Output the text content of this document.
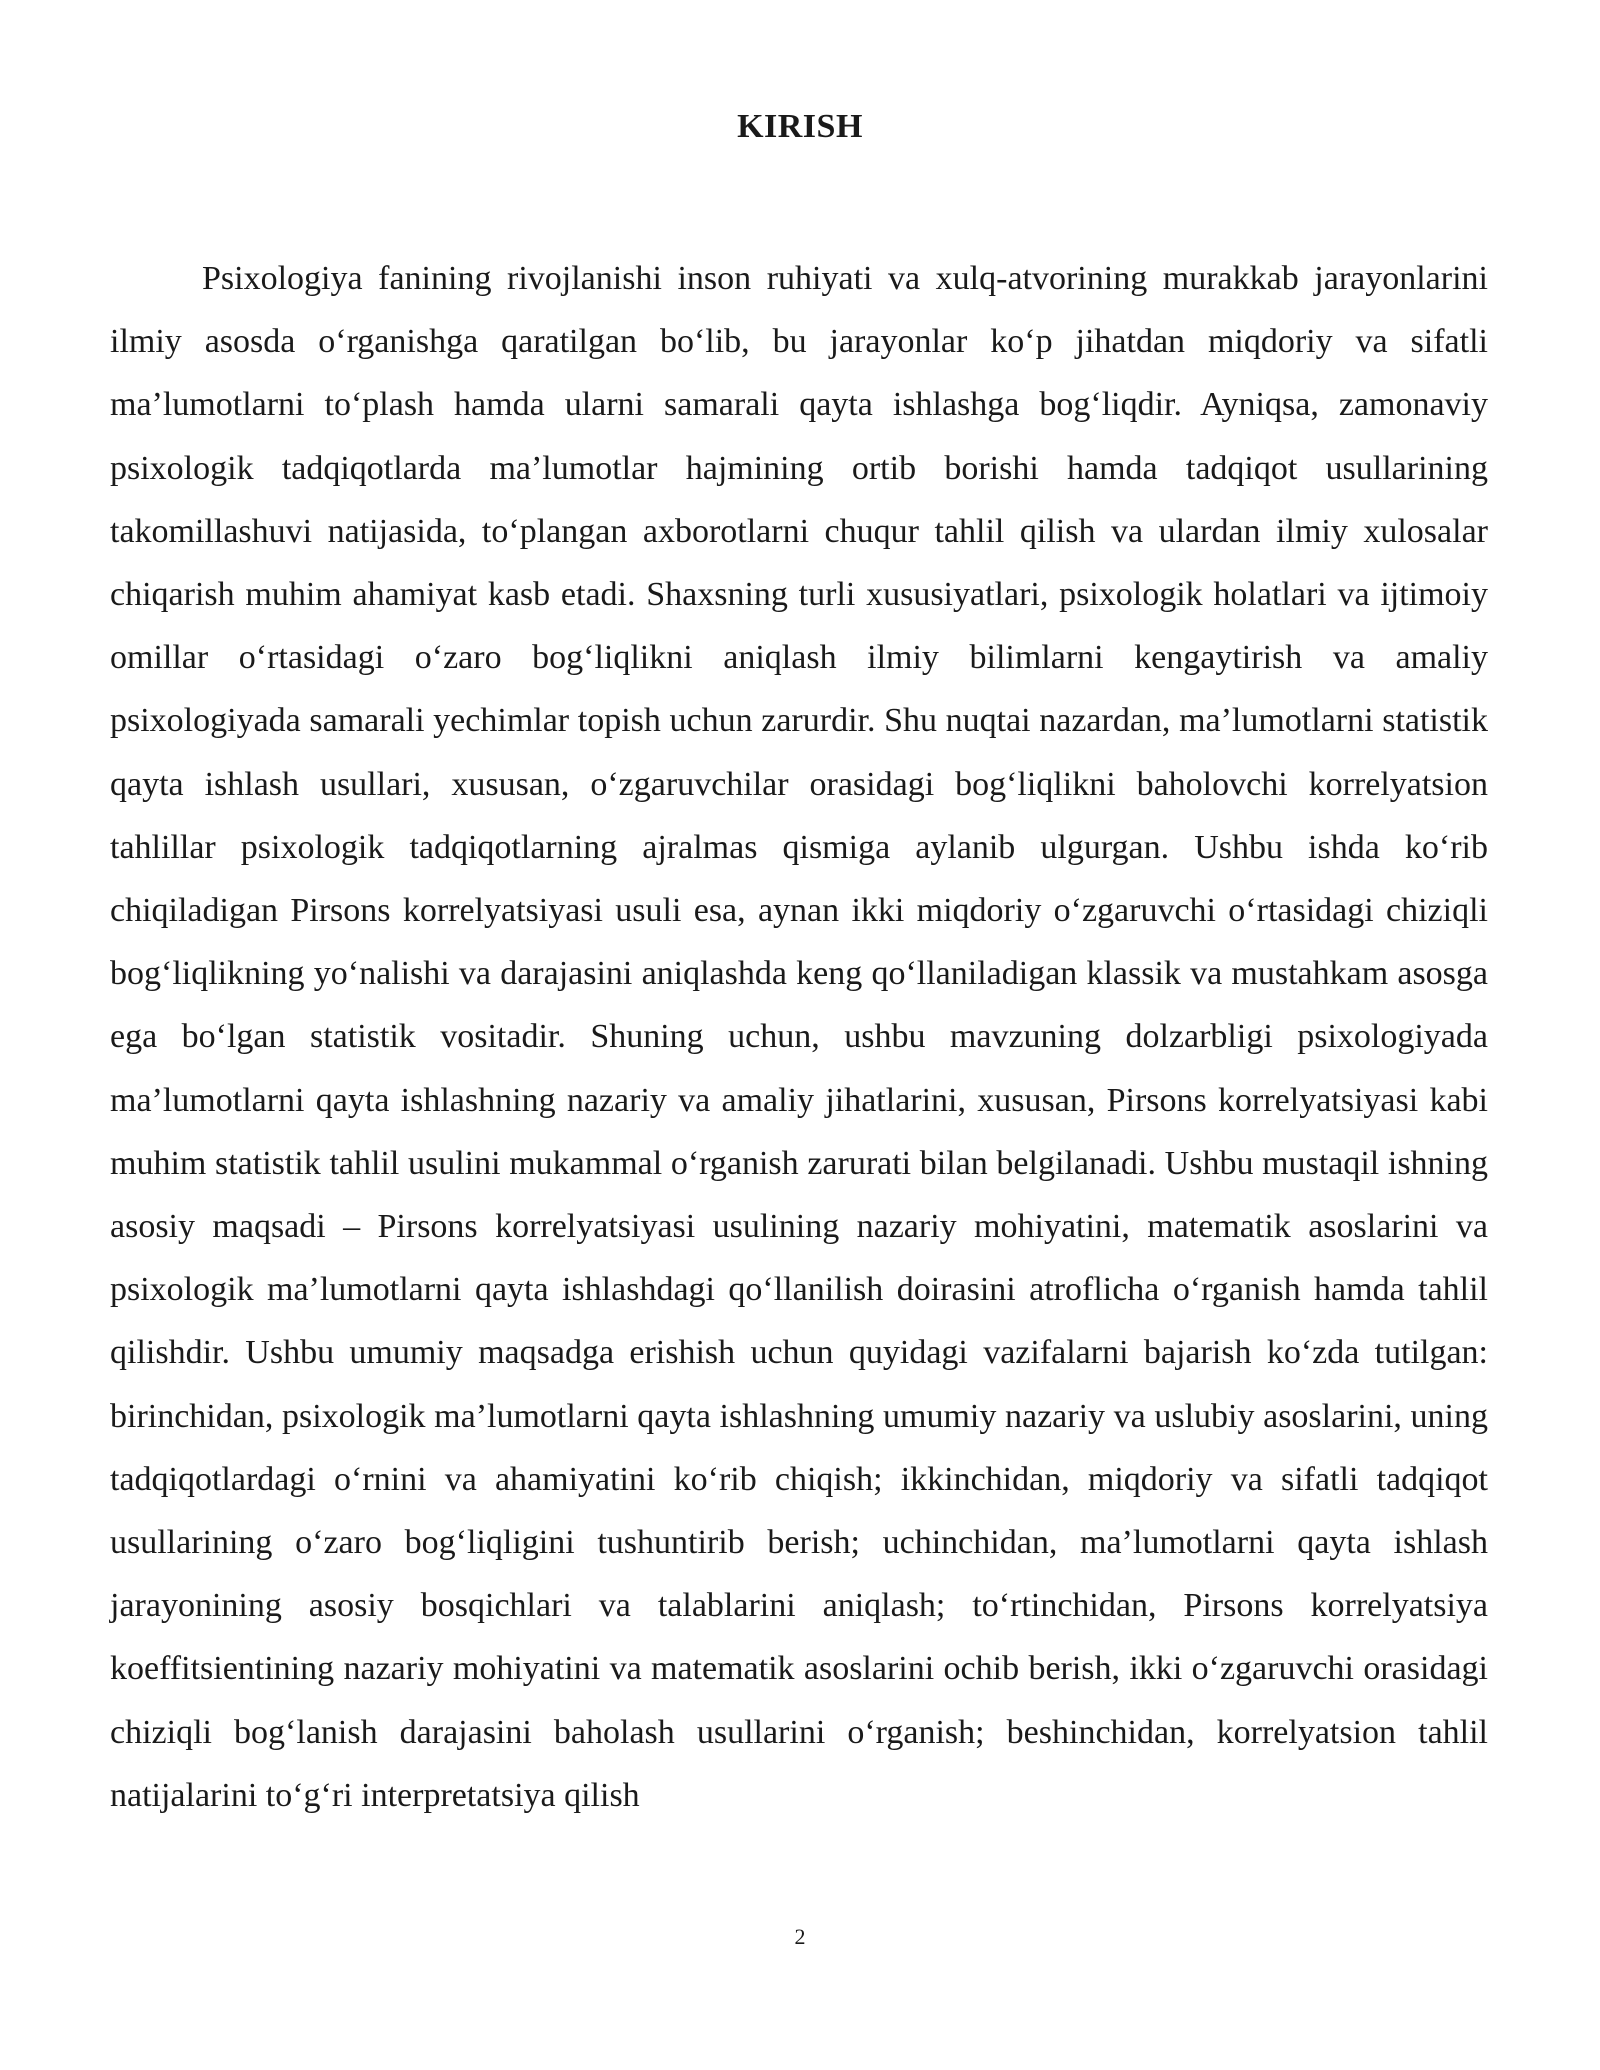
KIRISH

Psixologiya fanining rivojlanishi inson ruhiyati va xulq-atvorining murakkab jarayonlarini ilmiy asosda o‘rganishga qaratilgan bo‘lib, bu jarayonlar ko‘p jihatdan miqdoriy va sifatli ma’lumotlarni to‘plash hamda ularni samarali qayta ishlashga bog‘liqdir. Ayniqsa, zamonaviy psixologik tadqiqotlarda ma’lumotlar hajmining ortib borishi hamda tadqiqot usullarining takomillashuvi natijasida, to‘plangan axborotlarni chuqur tahlil qilish va ulardan ilmiy xulosalar chiqarish muhim ahamiyat kasb etadi. Shaxsning turli xususiyatlari, psixologik holatlari va ijtimoiy omillar o‘rtasidagi o‘zaro bog‘liqlikni aniqlash ilmiy bilimlarni kengaytirish va amaliy psixologiyada samarali yechimlar topish uchun zarurdir. Shu nuqtai nazardan, ma’lumotlarni statistik qayta ishlash usullari, xususan, o‘zgaruvchilar orasidagi bog‘liqlikni baholovchi korrelyatsion tahlillar psixologik tadqiqotlarning ajralmas qismiga aylanib ulgurgan. Ushbu ishda ko‘rib chiqiladigan Pirsons korrelyatsiyasi usuli esa, aynan ikki miqdoriy o‘zgaruvchi o‘rtasidagi chiziqli bog‘liqlikning yo‘nalishi va darajasini aniqlashda keng qo‘llaniladigan klassik va mustahkam asosga ega bo‘lgan statistik vositadir. Shuning uchun, ushbu mavzuning dolzarbligi psixologiyada ma’lumotlarni qayta ishlashning nazariy va amaliy jihatlarini, xususan, Pirsons korrelyatsiyasi kabi muhim statistik tahlil usulini mukammal o‘rganish zarurati bilan belgilanadi. Ushbu mustaqil ishning asosiy maqsadi – Pirsons korrelyatsiyasi usulining nazariy mohiyatini, matematik asoslarini va psixologik ma’lumotlarni qayta ishlashdagi qo‘llanilish doirasini atroflicha o‘rganish hamda tahlil qilishdir. Ushbu umumiy maqsadga erishish uchun quyidagi vazifalarni bajarish ko‘zda tutilgan: birinchidan, psixologik ma’lumotlarni qayta ishlashning umumiy nazariy va uslubiy asoslarini, uning tadqiqotlardagi o‘rnini va ahamiyatini ko‘rib chiqish; ikkinchidan, miqdoriy va sifatli tadqiqot usullarining o‘zaro bog‘liqligini tushuntirib berish; uchinchidan, ma’lumotlarni qayta ishlash jarayonining asosiy bosqichlari va talablarini aniqlash; to‘rtinchidan, Pirsons korrelyatsiya koeffitsientining nazariy mohiyatini va matematik asoslarini ochib berish, ikki o‘zgaruvchi orasidagi chiziqli bog‘lanish darajasini baholash usullarini o‘rganish; beshinchidan, korrelyatsion tahlil natijalarini to‘g‘ri interpretatsiya qilish

2
